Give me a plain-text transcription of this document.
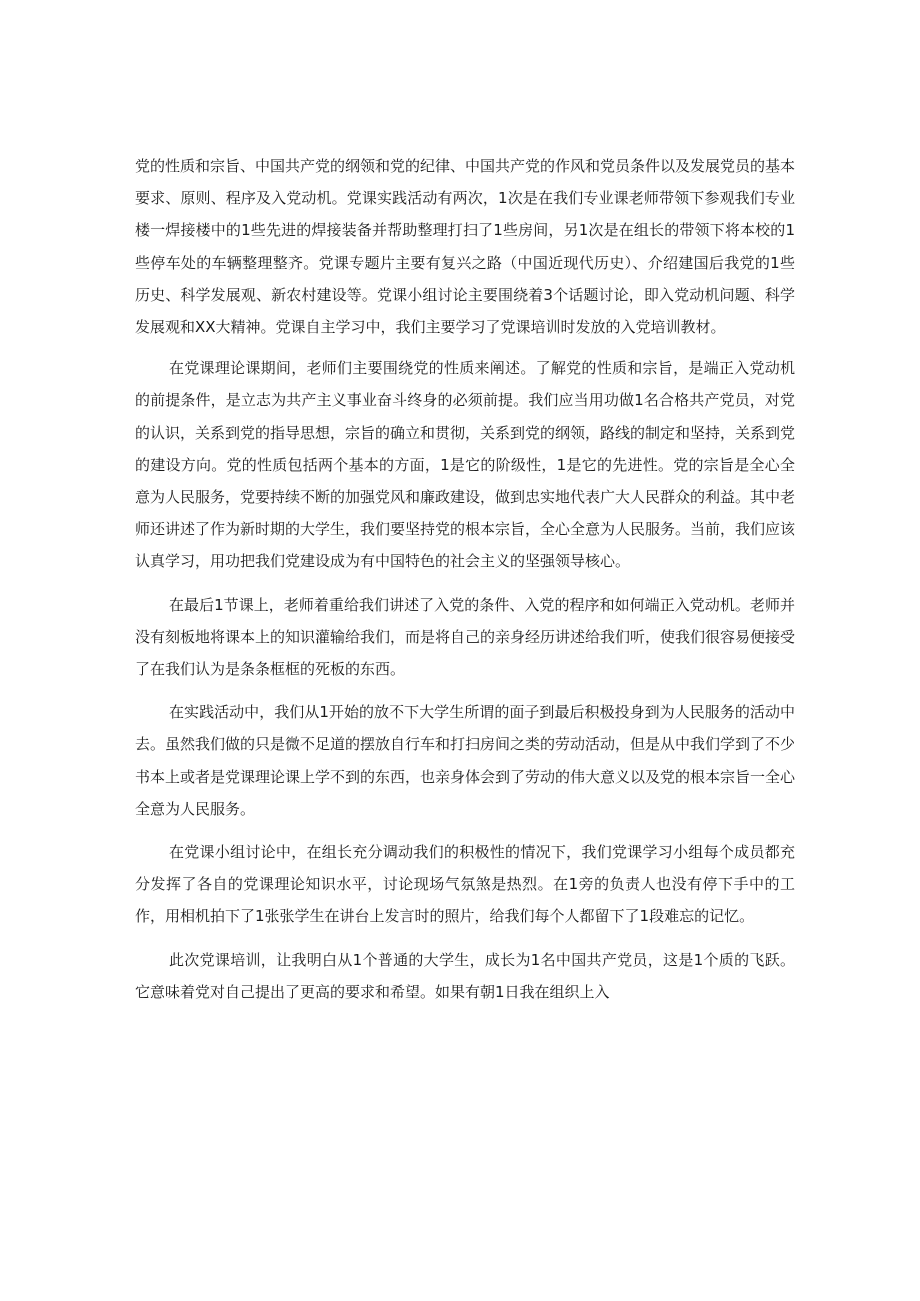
党的性质和宗旨、中国共产党的纲领和党的纪律、中国共产党的作风和党员条件以及发展党员的基本要求、原则、程序及入党动机。党课实践活动有两次，1次是在我们专业课老师带领下参观我们专业楼一焊接楼中的1些先进的焊接装备并帮助整理打扫了1些房间，另1次是在组长的带领下将本校的1些停车处的车辆整理整齐。党课专题片主要有复兴之路（中国近现代历史）、介绍建国后我党的1些历史、科学发展观、新农村建设等。党课小组讨论主要围绕着3个话题讨论，即入党动机问题、科学发展观和XX大精神。党课自主学习中，我们主要学习了党课培训时发放的入党培训教材。

在党课理论课期间，老师们主要围绕党的性质来阐述。了解党的性质和宗旨，是端正入党动机的前提条件，是立志为共产主义事业奋斗终身的必须前提。我们应当用功做1名合格共产党员，对党的认识，关系到党的指导思想，宗旨的确立和贯彻，关系到党的纲领，路线的制定和坚持，关系到党的建设方向。党的性质包括两个基本的方面，1是它的阶级性，1是它的先进性。党的宗旨是全心全意为人民服务，党要持续不断的加强党风和廉政建设，做到忠实地代表广大人民群众的利益。其中老师还讲述了作为新时期的大学生，我们要坚持党的根本宗旨，全心全意为人民服务。当前，我们应该认真学习，用功把我们党建设成为有中国特色的社会主义的坚强领导核心。

在最后1节课上，老师着重给我们讲述了入党的条件、入党的程序和如何端正入党动机。老师并没有刻板地将课本上的知识灌输给我们，而是将自己的亲身经历讲述给我们听，使我们很容易便接受了在我们认为是条条框框的死板的东西。

在实践活动中，我们从1开始的放不下大学生所谓的面子到最后积极投身到为人民服务的活动中去。虽然我们做的只是微不足道的摆放自行车和打扫房间之类的劳动活动，但是从中我们学到了不少书本上或者是党课理论课上学不到的东西，也亲身体会到了劳动的伟大意义以及党的根本宗旨一全心全意为人民服务。

在党课小组讨论中，在组长充分调动我们的积极性的情况下，我们党课学习小组每个成员都充分发挥了各自的党课理论知识水平，讨论现场气氛煞是热烈。在1旁的负责人也没有停下手中的工作，用相机拍下了1张张学生在讲台上发言时的照片，给我们每个人都留下了1段难忘的记忆。

此次党课培训，让我明白从1个普通的大学生，成长为1名中国共产党员，这是1个质的飞跃。它意味着党对自己提出了更高的要求和希望。如果有朝1日我在组织上入
